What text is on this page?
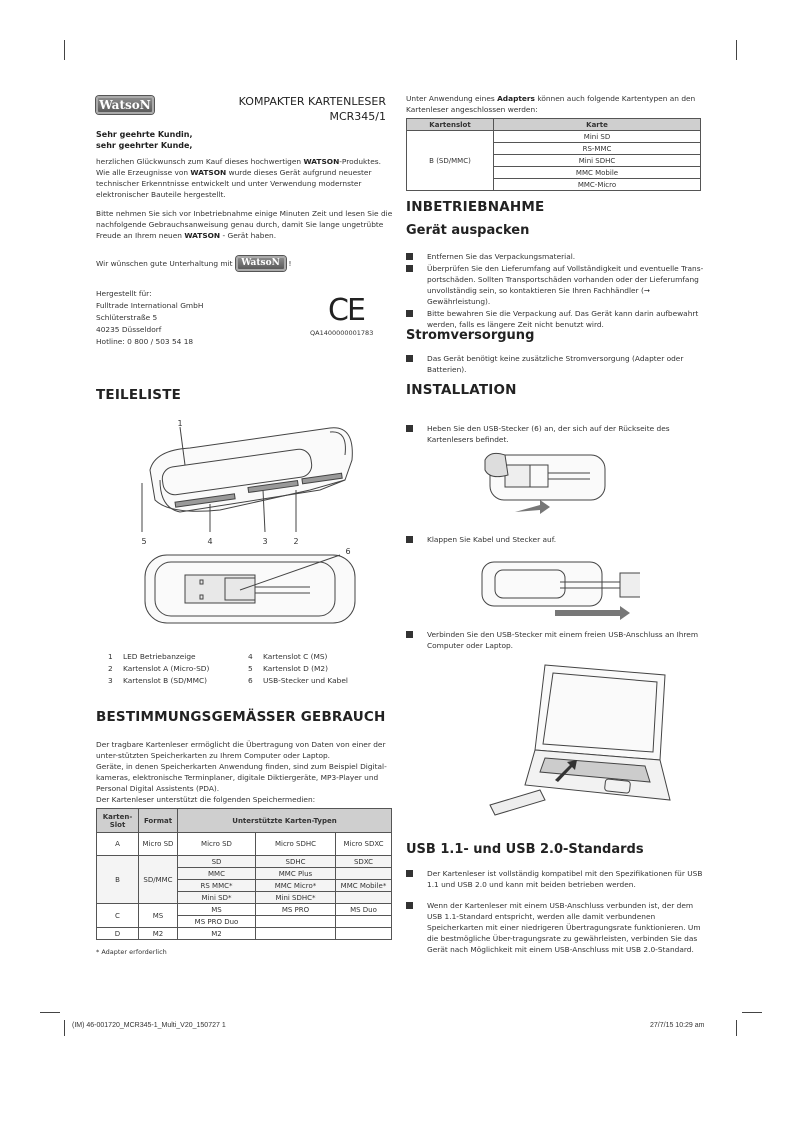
WatsoN	KOMPAKTER KARTENLESER
MCR345/1
Sehr geehrte Kundin,
sehr geehrter Kunde,

herzlichen Glückwunsch zum Kauf dieses hochwertigen WATSON-Produktes. Wie alle Erzeugnisse von WATSON wurde dieses Gerät aufgrund neuester technischer Erkenntnisse entwickelt und unter Verwendung modernster elektronischer Bauteile hergestellt.

Bitte nehmen Sie sich vor Inbetriebnahme einige Minuten Zeit und lesen Sie die nachfolgende Gebrauchsanweisung genau durch, damit Sie lange ungetrübte Freude an Ihrem neuen WATSON - Gerät haben.

Wir wünschen gute Unterhaltung mit WatsoN	!
Hergestellt für:
Fulltrade International GmbH
Schlüterstraße 5
40235 Düsseldorf
Hotline: 0 800 / 503 54 18
CE
QA1400000001783
TEILELISTE
1
2
3
4
5
6
1 LED Betriebanzeige	4 Kartenslot C (MS)
2 Kartenslot A (Micro-SD)	5 Kartenslot D (M2)
3 Kartenslot B (SD/MMC)	6 USB-Stecker und Kabel
BESTIMMUNGSGEMÄSSER GEBRAUCH
Der tragbare Kartenleser ermöglicht die Übertragung von Daten von einer der unter-stützten Speicherkarten zu Ihrem Computer oder Laptop.
Geräte, in denen Speicherkarten Anwendung finden, sind zum Beispiel Digital-kameras, elektronische Terminplaner, digitale Diktiergeräte, MP3-Player und Personal Digital Assistents (PDA).
Der Kartenleser unterstützt die folgenden Speichermedien:
Karten-Slot	Format	Unterstützte Karten-Typen		
A	Micro SD	Micro SD	Micro SDHC	Micro SDXC
B	SD/MMC	SD	SDHC	SDXC
		MMC	MMC Plus	
		RS MMC*	MMC Micro*	MMC Mobile*
		Mini SD*	Mini SDHC*	
C	MS	MS	MS PRO	MS Duo
		MS PRO Duo		
D	M2	M2		
* Adapter erforderlich

Unter Anwendung eines Adapters können auch folgende Kartentypen an den Kartenleser angeschlossen werden:

Kartenslot	Karte
B (SD/MMC)	Mini SD
	RS-MMC
	Mini SDHC
	MMC Mobile
	MMC-Micro
INBETRIEBNAHME
Gerät auspacken
Entfernen Sie das Verpackungsmaterial.
Überprüfen Sie den Lieferumfang auf Vollständigkeit und eventuelle Trans-portschäden. Sollten Transportschäden vorhanden oder der Lieferumfang unvollständig sein, so kontaktieren Sie Ihren Fachhändler (➞ Gewährleistung).
Bitte bewahren Sie die Verpackung auf. Das Gerät kann darin aufbewahrt werden, falls es längere Zeit nicht benutzt wird.
Stromversorgung
Das Gerät benötigt keine zusätzliche Stromversorgung (Adapter oder Batterien).
INSTALLATION
Heben Sie den USB-Stecker (6) an, der sich auf der Rückseite des Kartenlesers befindet.
Klappen Sie Kabel und Stecker auf.
Verbinden Sie den USB-Stecker mit einem freien USB-Anschluss an Ihrem Computer oder Laptop.
USB 1.1- und USB 2.0-Standards
Der Kartenleser ist vollständig kompatibel mit den Spezifikationen für USB 1.1 und USB 2.0 und kann mit beiden betrieben werden.
Wenn der Kartenleser mit einem USB-Anschluss verbunden ist, der dem USB 1.1-Standard entspricht, werden alle damit verbundenen Speicherkarten mit einer niedrigeren Übertragungsrate funktionieren. Um die bestmögliche Über-tragungsrate zu gewährleisten, verbinden Sie das Gerät nach Möglichkeit mit einem USB-Anschluss mit USB 2.0-Standard.
(IM) 46-001720_MCR345-1_Multi_V20_150727 1	27/7/15 10:29 am
